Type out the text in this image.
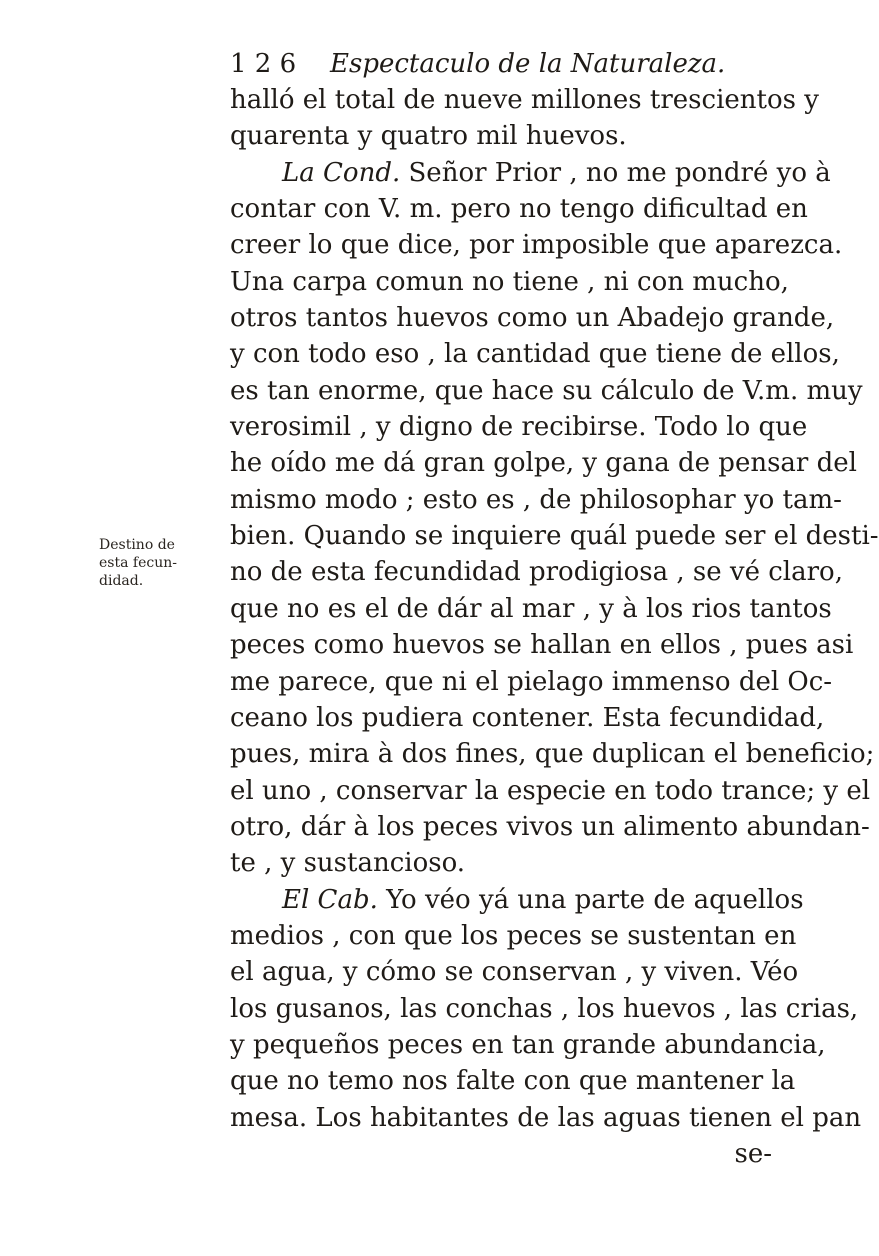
1 2 6 Espectaculo de la Naturaleza.
Destino de
esta fecun-
didad.
halló el total de nueve millones trescientos y
quarenta y quatro mil huevos.
La Cond. Señor Prior , no me pondré yo à
contar con V. m. pero no tengo dificultad en
creer lo que dice, por imposible que aparezca.
Una carpa comun no tiene , ni con mucho,
otros tantos huevos como un Abadejo grande,
y con todo eso , la cantidad que tiene de ellos,
es tan enorme, que hace su cálculo de V.m. muy
verosimil , y digno de recibirse. Todo lo que
he oído me dá gran golpe, y gana de pensar del
mismo modo ; esto es , de philosophar yo tam-
bien. Quando se inquiere quál puede ser el desti-
no de esta fecundidad prodigiosa , se vé claro,
que no es el de dár al mar , y à los rios tantos
peces como huevos se hallan en ellos , pues asi
me parece, que ni el pielago immenso del Oc-
ceano los pudiera contener. Esta fecundidad,
pues, mira à dos fines, que duplican el beneficio;
el uno , conservar la especie en todo trance; y el
otro, dár à los peces vivos un alimento abundan-
te , y sustancioso.
El Cab. Yo véo yá una parte de aquellos
medios , con que los peces se sustentan en
el agua, y cómo se conservan , y viven. Véo
los gusanos, las conchas , los huevos , las crias,
y pequeños peces en tan grande abundancia,
que no temo nos falte con que mantener la
mesa. Los habitantes de las aguas tienen el pan
se-
